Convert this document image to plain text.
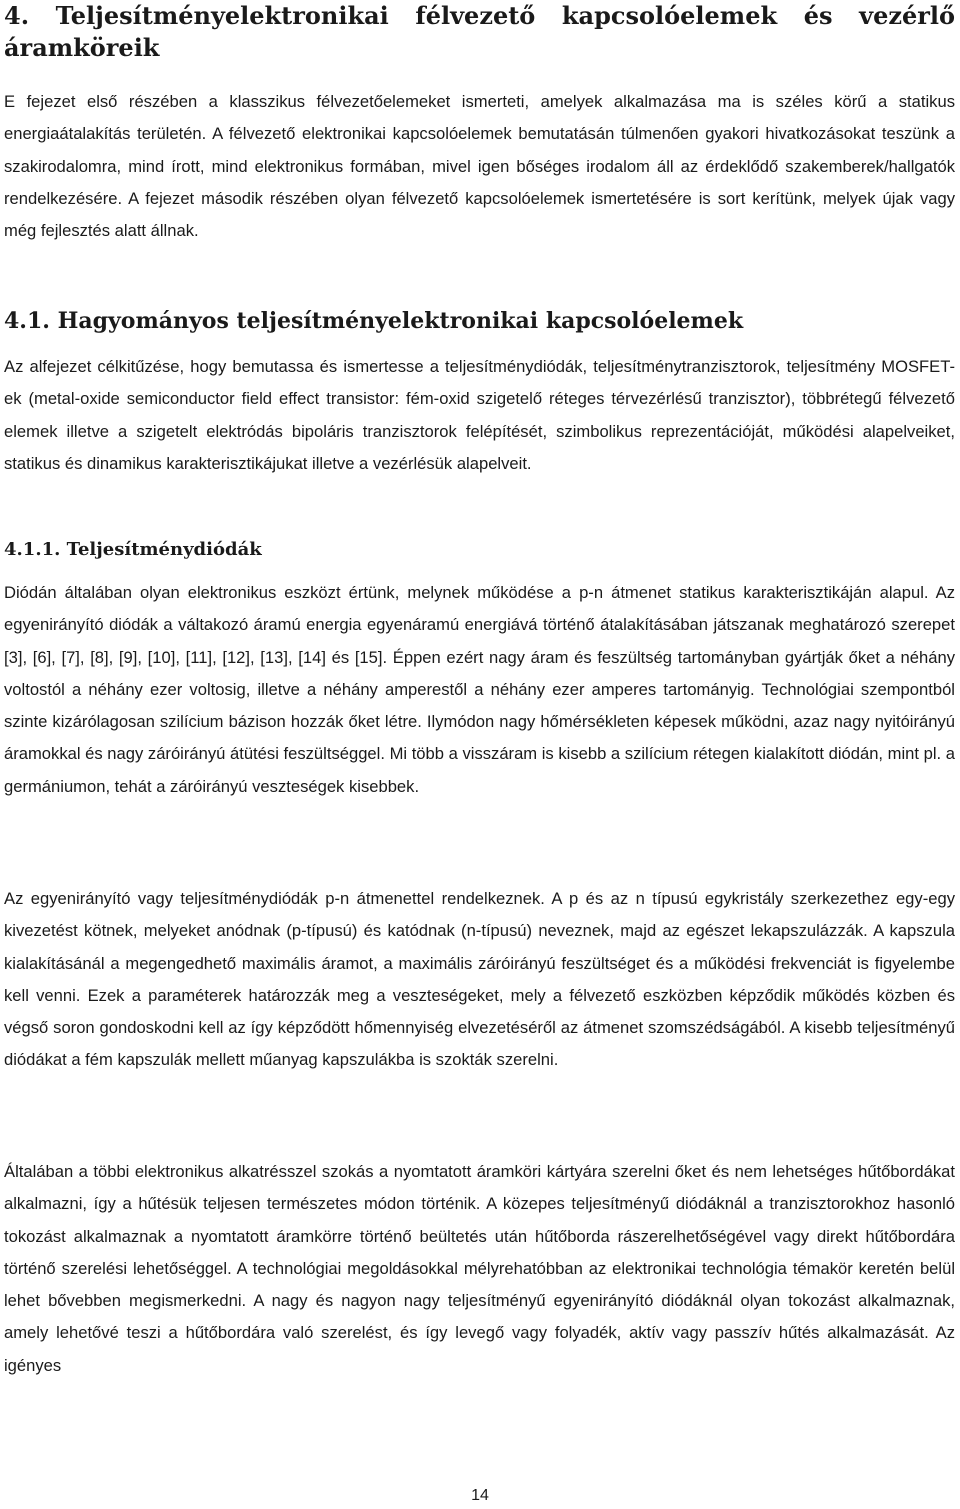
4. Teljesítményelektronikai félvezető kapcsolóelemek és vezérlő áramköreik

E fejezet első részében a klasszikus félvezetőelemeket ismerteti, amelyek alkalmazása ma is széles körű a statikus energiaátalakítás területén. A félvezető elektronikai kapcsolóelemek bemutatásán túlmenően gyakori hivatkozásokat teszünk a szakirodalomra, mind írott, mind elektronikus formában, mivel igen bőséges irodalom áll az érdeklődő szakemberek/hallgatók rendelkezésére. A fejezet második részében olyan félvezető kapcsolóelemek ismertetésére is sort kerítünk, melyek újak vagy még fejlesztés alatt állnak.

4.1. Hagyományos teljesítményelektronikai kapcsolóelemek

Az alfejezet célkitűzése, hogy bemutassa és ismertesse a teljesítménydiódák, teljesítménytranzisztorok, teljesítmény MOSFET-ek (metal-oxide semiconductor field effect transistor: fém-oxid szigetelő réteges térvezérlésű tranzisztor), többrétegű félvezető elemek illetve a szigetelt elektródás bipoláris tranzisztorok felépítését, szimbolikus reprezentációját, működési alapelveiket, statikus és dinamikus karakterisztikájukat illetve a vezérlésük alapelveit.

4.1.1. Teljesítménydiódák

Diódán általában olyan elektronikus eszközt értünk, melynek működése a p-n átmenet statikus karakterisztikáján alapul. Az egyenirányító diódák a váltakozó áramú energia egyenáramú energiává történő átalakításában játszanak meghatározó szerepet [3], [6], [7], [8], [9], [10], [11], [12], [13], [14] és [15]. Éppen ezért nagy áram és feszültség tartományban gyártják őket a néhány voltostól a néhány ezer voltosig, illetve a néhány amperestől a néhány ezer amperes tartományig. Technológiai szempontból szinte kizárólagosan szilícium bázison hozzák őket létre. Ilymódon nagy hőmérsékleten képesek működni, azaz nagy nyitóirányú áramokkal és nagy záróirányú átütési feszültséggel. Mi több a visszáram is kisebb a szilícium rétegen kialakított diódán, mint pl. a germániumon, tehát a záróirányú veszteségek kisebbek.

Az egyenirányító vagy teljesítménydiódák p-n átmenettel rendelkeznek. A p és az n típusú egykristály szerkezethez egy-egy kivezetést kötnek, melyeket anódnak (p-típusú) és katódnak (n-típusú) neveznek, majd az egészet lekapszulázzák. A kapszula kialakításánál a megengedhető maximális áramot, a maximális záróirányú feszültséget és a működési frekvenciát is figyelembe kell venni. Ezek a paraméterek határozzák meg a veszteségeket, mely a félvezető eszközben képződik működés közben és végső soron gondoskodni kell az így képződött hőmennyiség elvezetéséről az átmenet szomszédságából. A kisebb teljesítményű diódákat a fém kapszulák mellett műanyag kapszulákba is szokták szerelni.

Általában a többi elektronikus alkatrésszel szokás a nyomtatott áramköri kártyára szerelni őket és nem lehetséges hűtőbordákat alkalmazni, így a hűtésük teljesen természetes módon történik. A közepes teljesítményű diódáknál a tranzisztorokhoz hasonló tokozást alkalmaznak a nyomtatott áramkörre történő beültetés után hűtőborda rászerelhetőségével vagy direkt hűtőbordára történő szerelési lehetőséggel. A technológiai megoldásokkal mélyrehatóbban az elektronikai technológia témakör keretén belül lehet bővebben megismerkedni. A nagy és nagyon nagy teljesítményű egyenirányító diódáknál olyan tokozást alkalmaznak, amely lehetővé teszi a hűtőbordára való szerelést, és így levegő vagy folyadék, aktív vagy passzív hűtés alkalmazását. Az igényes

14
